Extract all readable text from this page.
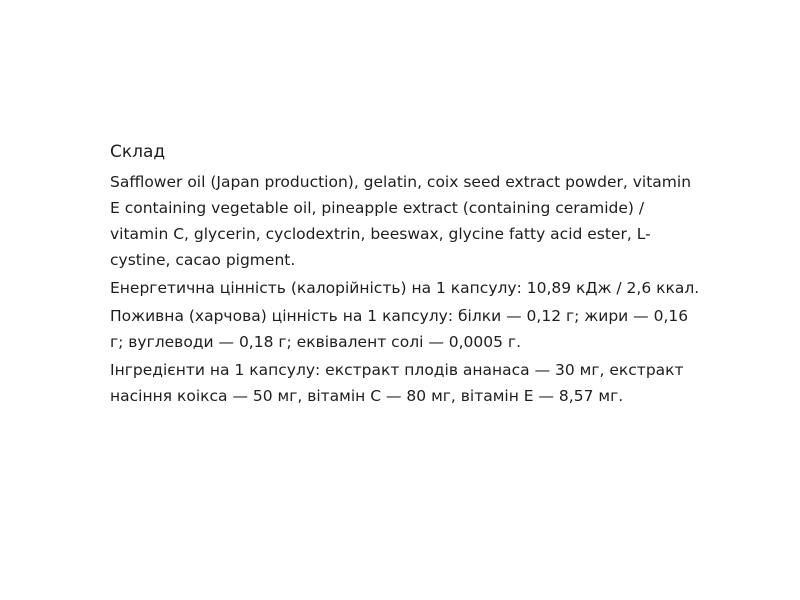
Склад

Safflower oil (Japan production), gelatin, coix seed extract powder, vitamin E containing vegetable oil, pineapple extract (containing ceramide) / vitamin C, glycerin, cyclodextrin, beeswax, glycine fatty acid ester, L-cystine, cacao pigment.

Енергетична цінність (калорійність) на 1 капсулу: 10,89 кДж / 2,6 ккал.

Поживна (харчова) цінність на 1 капсулу: білки — 0,12 г; жири — 0,16 г; вуглеводи — 0,18 г; еквівалент солі — 0,0005 г.

Інгредієнти на 1 капсулу: екстракт плодів ананаса — 30 мг, екстракт насіння коікса — 50 мг, вітамін С — 80 мг, вітамін Е — 8,57 мг.
